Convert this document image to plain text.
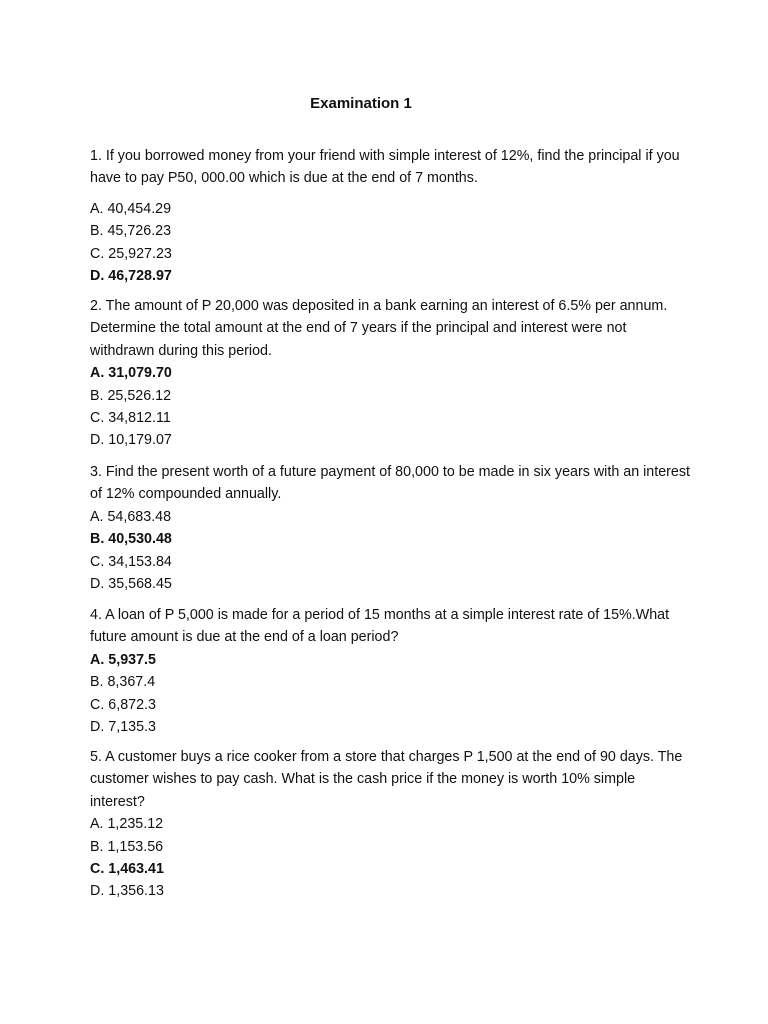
Examination 1

1. If you borrowed money from your friend with simple interest of 12%, find the principal if you have to pay P50, 000.00 which is due at the end of 7 months.

A. 40,454.29
B. 45,726.23
C. 25,927.23
D. 46,728.97

2. The amount of P 20,000 was deposited in a bank earning an interest of 6.5% per annum. Determine the total amount at the end of 7 years if the principal and interest were not withdrawn during this period.

A. 31,079.70
B. 25,526.12
C. 34,812.11
D. 10,179.07

3. Find the present worth of a future payment of 80,000 to be made in six years with an interest of 12% compounded annually.

A. 54,683.48
B. 40,530.48
C. 34,153.84
D. 35,568.45

4. A loan of P 5,000 is made for a period of 15 months at a simple interest rate of 15%.What future amount is due at the end of a loan period?

A. 5,937.5
B. 8,367.4
C. 6,872.3
D. 7,135.3

5. A customer buys a rice cooker from a store that charges P 1,500 at the end of 90 days. The customer wishes to pay cash. What is the cash price if the money is worth 10% simple interest?

A. 1,235.12
B. 1,153.56
C. 1,463.41
D. 1,356.13
